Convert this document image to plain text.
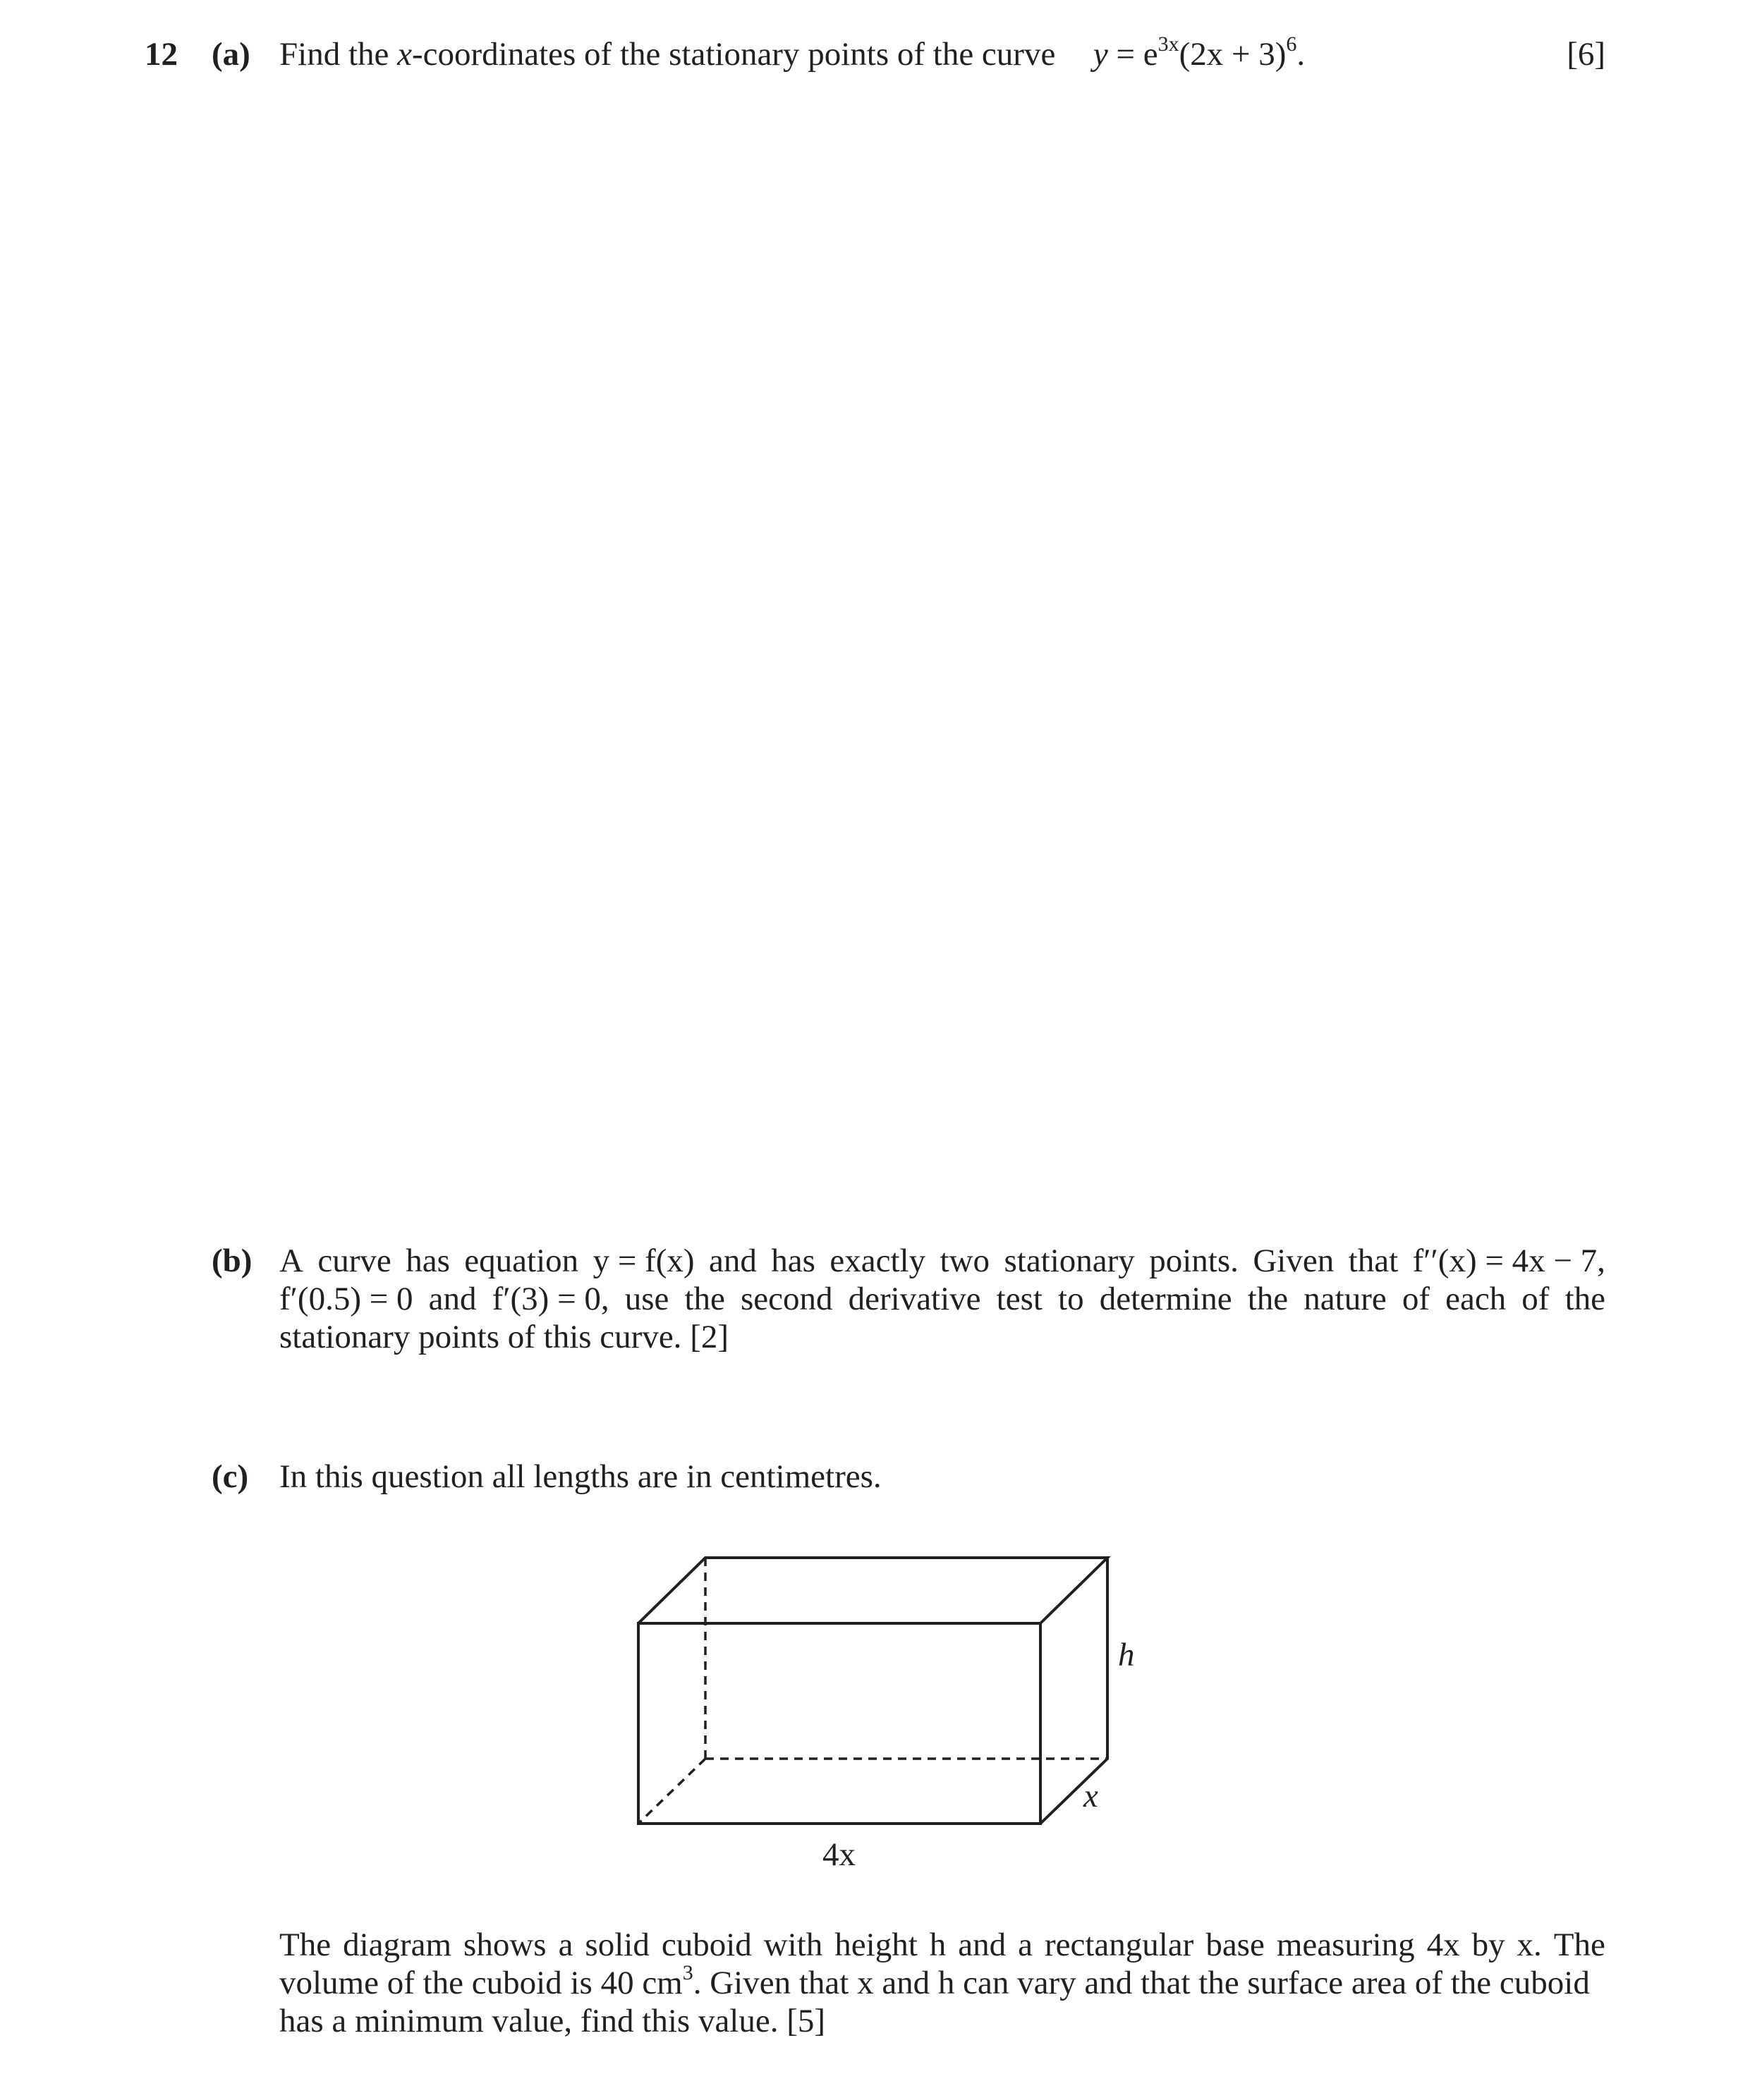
12 (a) Find the x-coordinates of the stationary points of the curve $y = e^{3x}(2x + 3)^6$.	[6]
(b) A curve has equation y = f(x) and has exactly two stationary points. Given that f′′(x) = 4x − 7,
f′(0.5) = 0 and f′(3) = 0, use the second derivative test to determine the nature of each of the
stationary points of this curve. [2]
(c) In this question all lengths are in centimetres.
h
x
4x
The diagram shows a solid cuboid with height h and a rectangular base measuring 4x by x. The
volume of the cuboid is 40 $cm^3$. Given that x and h can vary and that the surface area of the cuboid
has a minimum value, find this value. [5]
